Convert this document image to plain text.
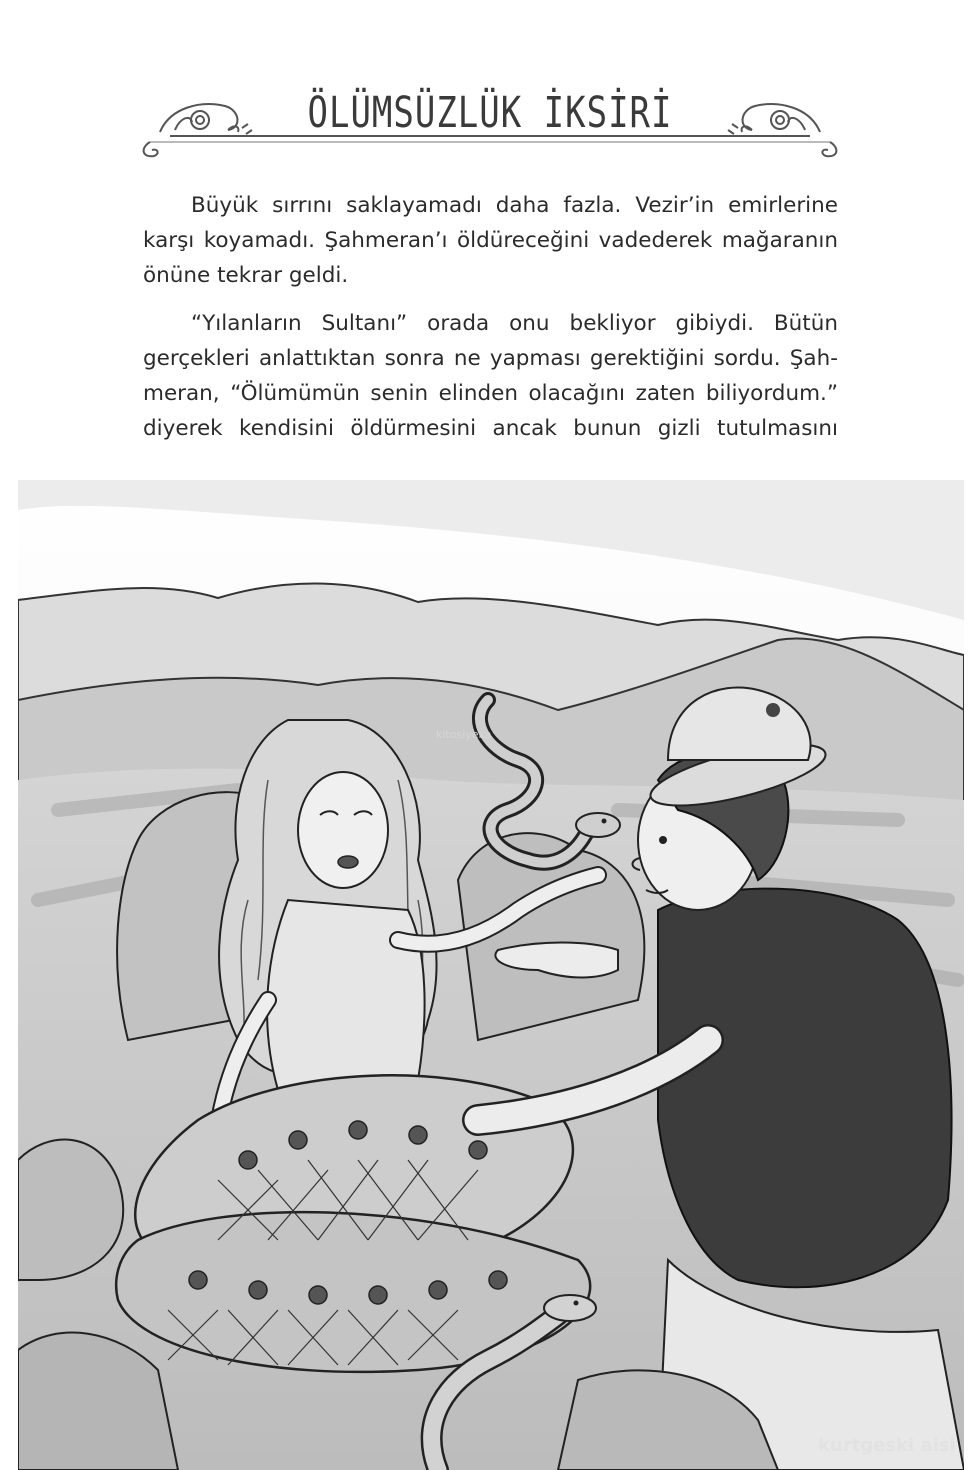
ÖLÜMSÜZLÜK İKSİRİ

Büyük sırrını saklayamadı daha fazla. Vezir’in emirlerine
karşı koyamadı. Şahmeran’ı öldüreceğini vadederek mağaranın
önüne tekrar geldi.

“Yılanların Sultanı” orada onu bekliyor gibiydi. Bütün
gerçekleri anlattıktan sonra ne yapması gerektiğini sordu. Şah-
meran, “Ölümümün senin elinden olacağını zaten biliyordum.”
diyerek kendisini öldürmesini ancak bunun gizli tutulmasını

kitosiyeka
kurtgeski aisi
